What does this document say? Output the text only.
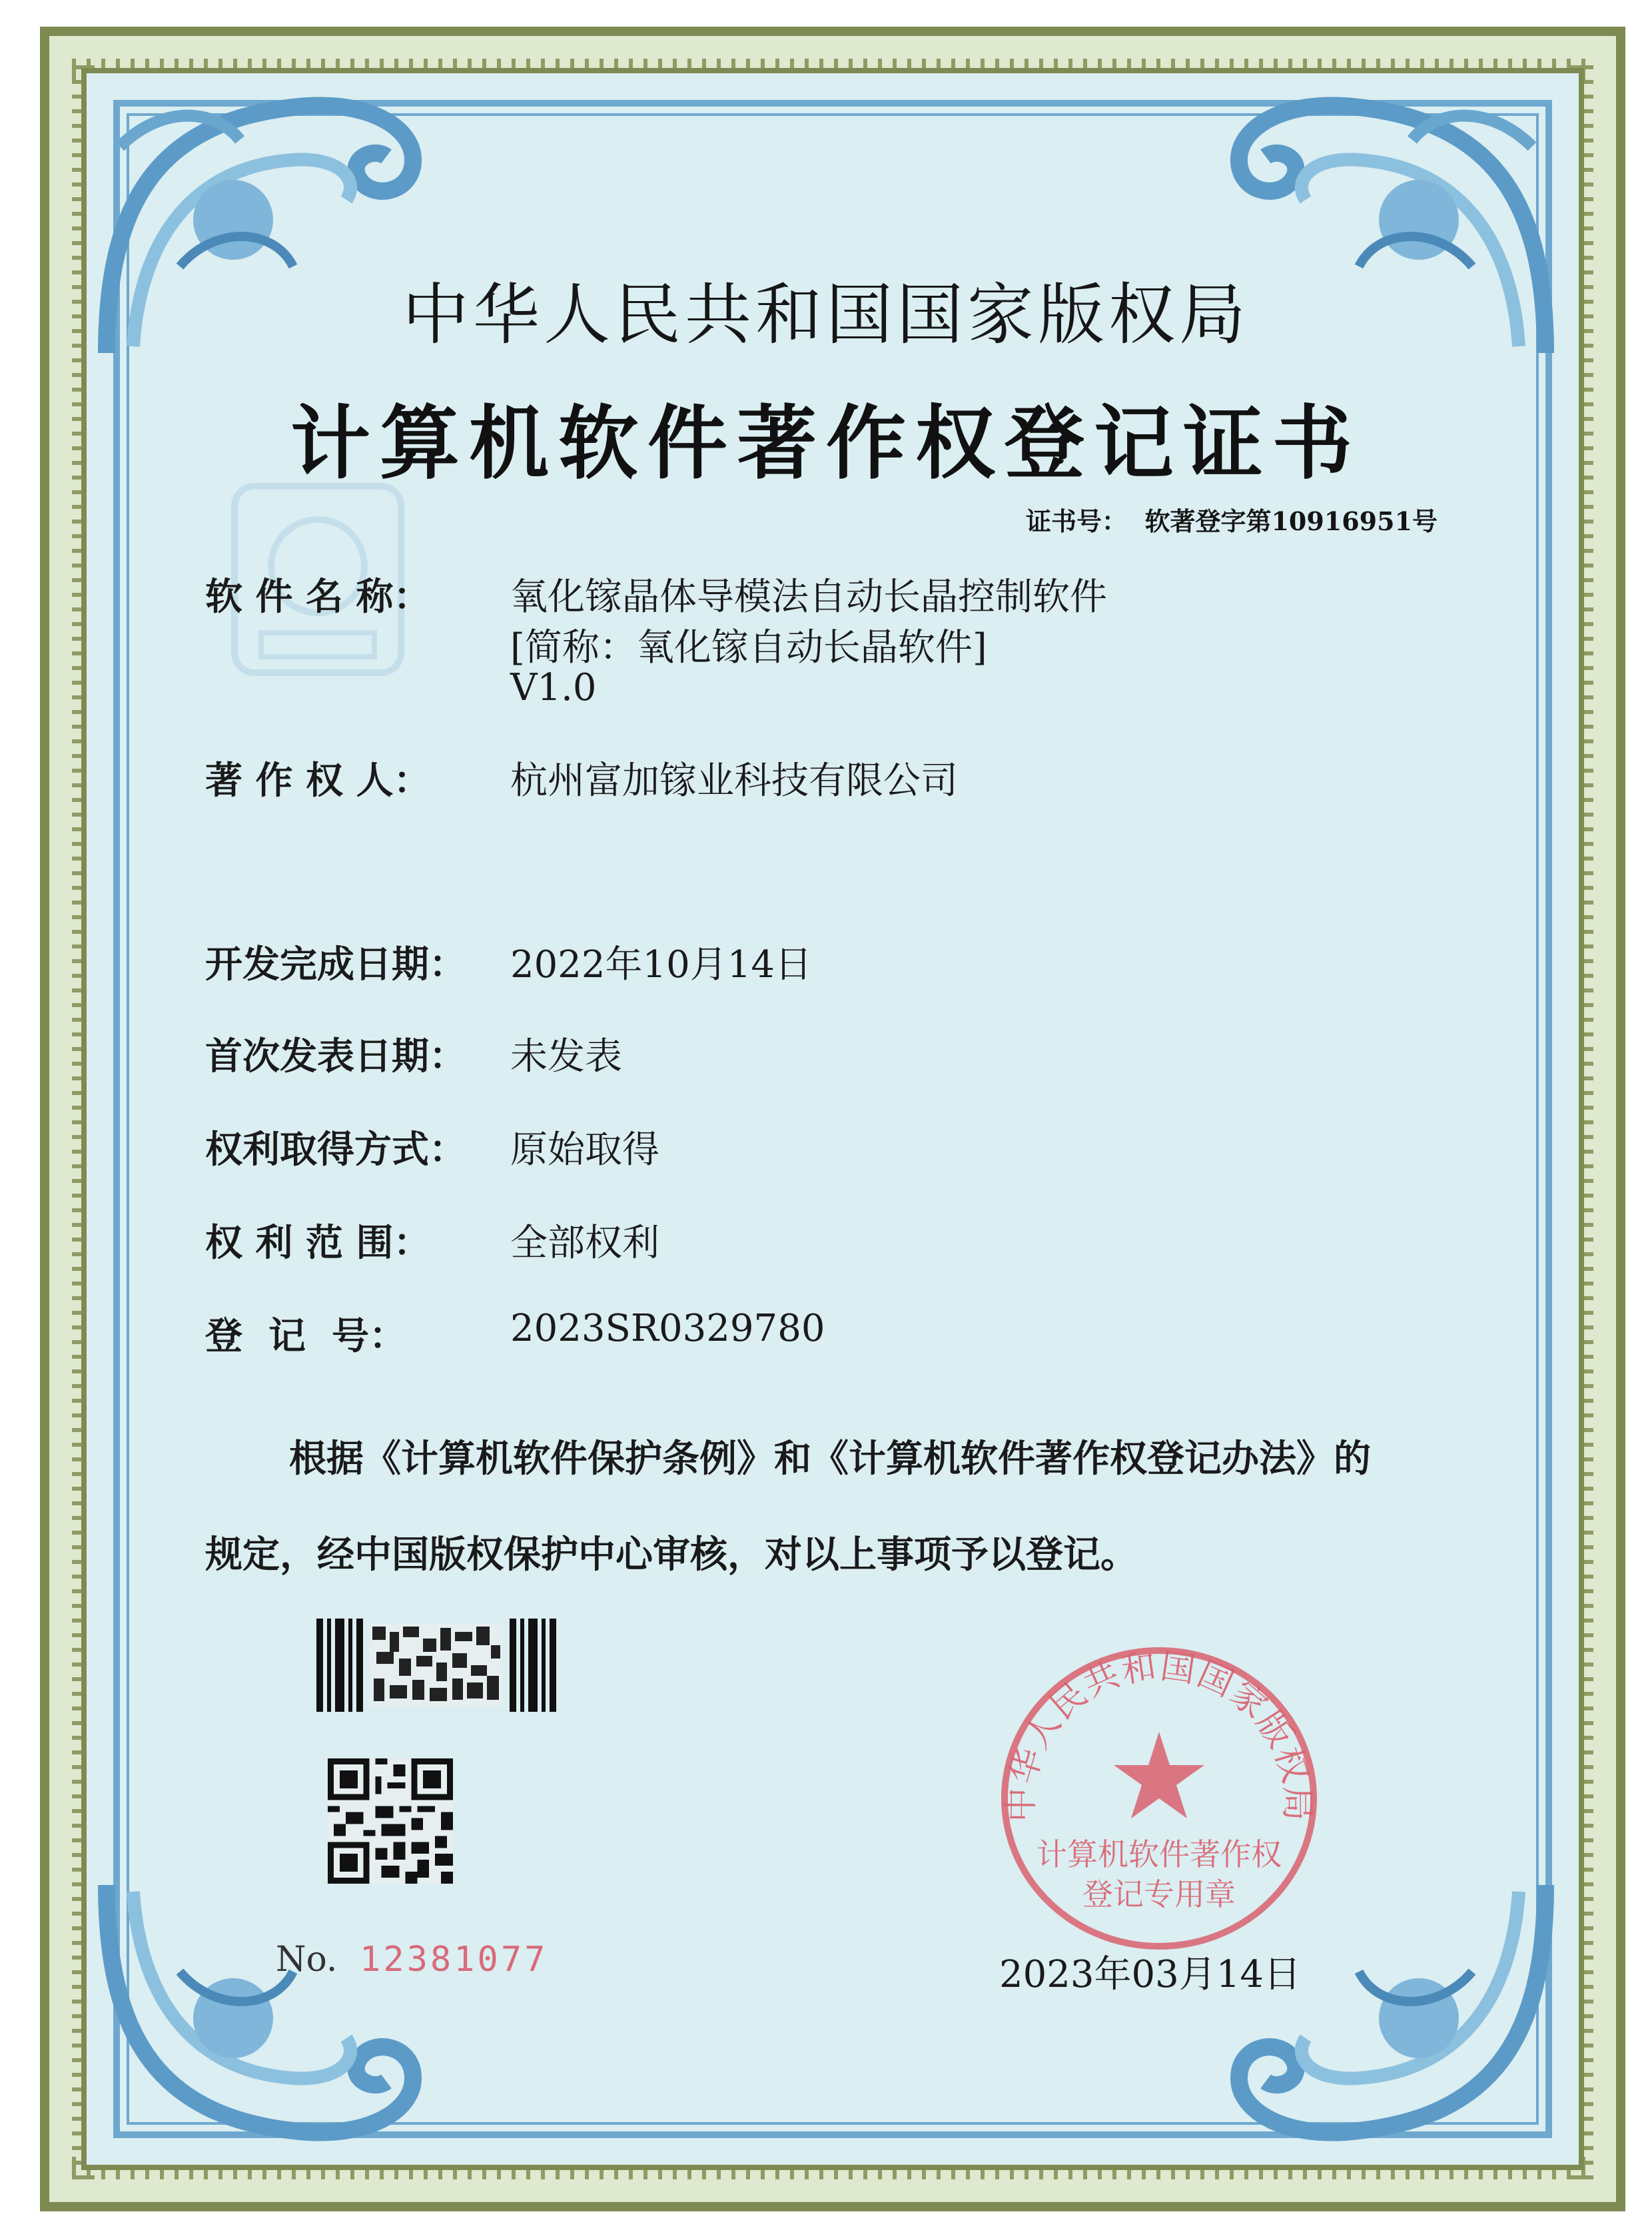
中华人民共和国国家版权局
计算机软件著作权登记证书
证书号： 软著登字第10916951号
软 件 名 称： 氧化镓晶体导模法自动长晶控制软件
[简称：氧化镓自动长晶软件]
V1.0
著 作 权 人： 杭州富加镓业科技有限公司
开发完成日期： 2022年10月14日
首次发表日期： 未发表
权利取得方式： 原始取得
权 利 范 围： 全部权利
登  记  号：	2023SR0329780
根据《计算机软件保护条例》和《计算机软件著作权登记办法》的
规定，经中国版权保护中心审核，对以上事项予以登记。
中华人民共和国国家版权局
计算机软件著作权
登记专用章
No. 12381077	2023年03月14日
